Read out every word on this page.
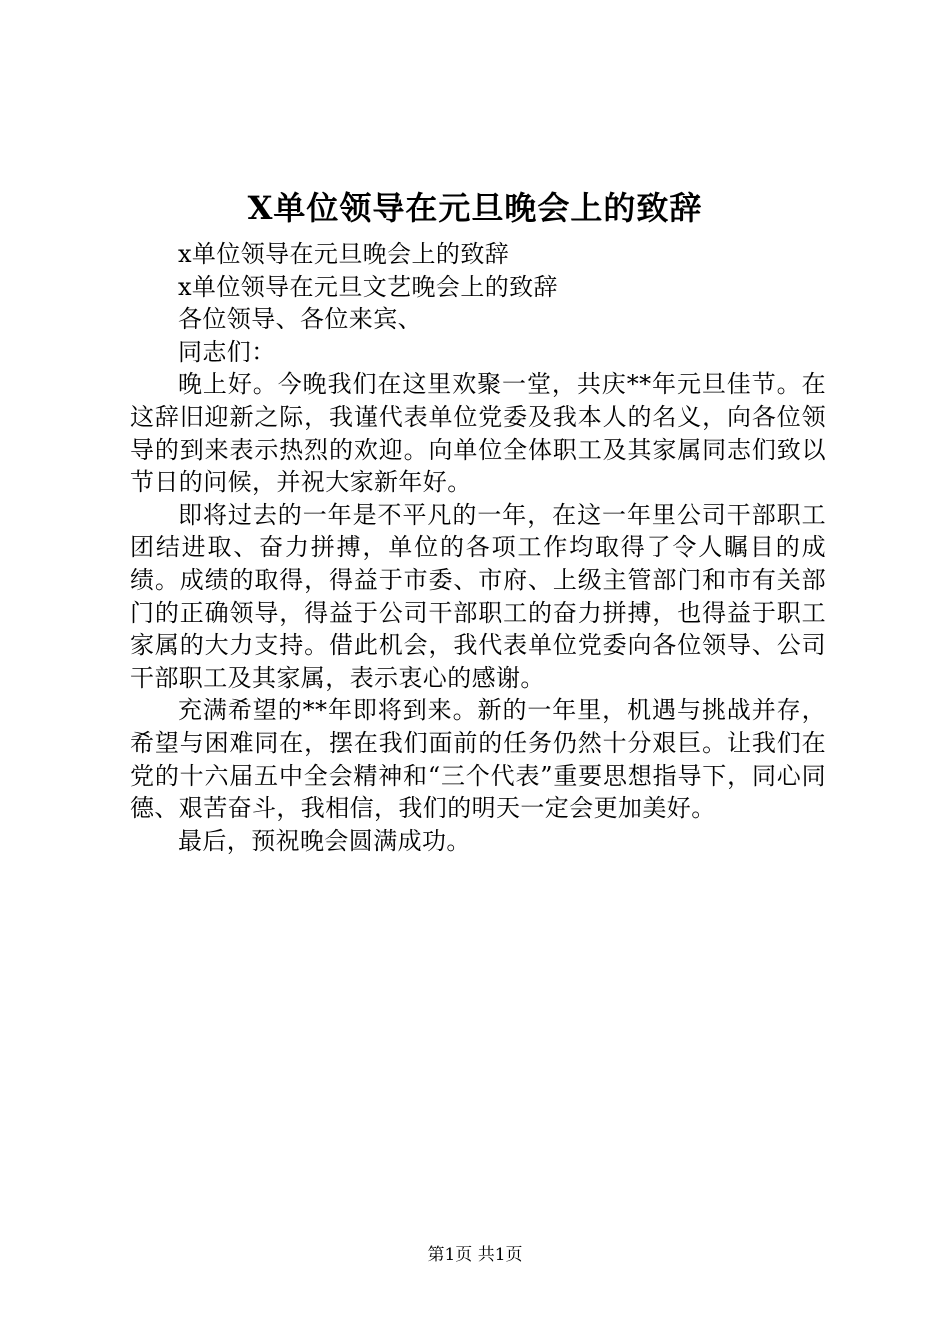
X单位领导在元旦晚会上的致辞

x单位领导在元旦晚会上的致辞

x单位领导在元旦文艺晚会上的致辞

各位领导、各位来宾、

同志们：

晚上好。今晚我们在这里欢聚一堂，共庆**年元旦佳节。在这辞旧迎新之际，我谨代表单位党委及我本人的名义，向各位领导的到来表示热烈的欢迎。向单位全体职工及其家属同志们致以节日的问候，并祝大家新年好。

即将过去的一年是不平凡的一年，在这一年里公司干部职工团结进取、奋力拼搏，单位的各项工作均取得了令人瞩目的成绩。成绩的取得，得益于市委、市府、上级主管部门和市有关部门的正确领导，得益于公司干部职工的奋力拼搏，也得益于职工家属的大力支持。借此机会，我代表单位党委向各位领导、公司干部职工及其家属，表示衷心的感谢。

充满希望的**年即将到来。新的一年里，机遇与挑战并存，希望与困难同在，摆在我们面前的任务仍然十分艰巨。让我们在党的十六届五中全会精神和“三个代表”重要思想指导下，同心同德、艰苦奋斗，我相信，我们的明天一定会更加美好。

最后，预祝晚会圆满成功。

第1页 共1页
